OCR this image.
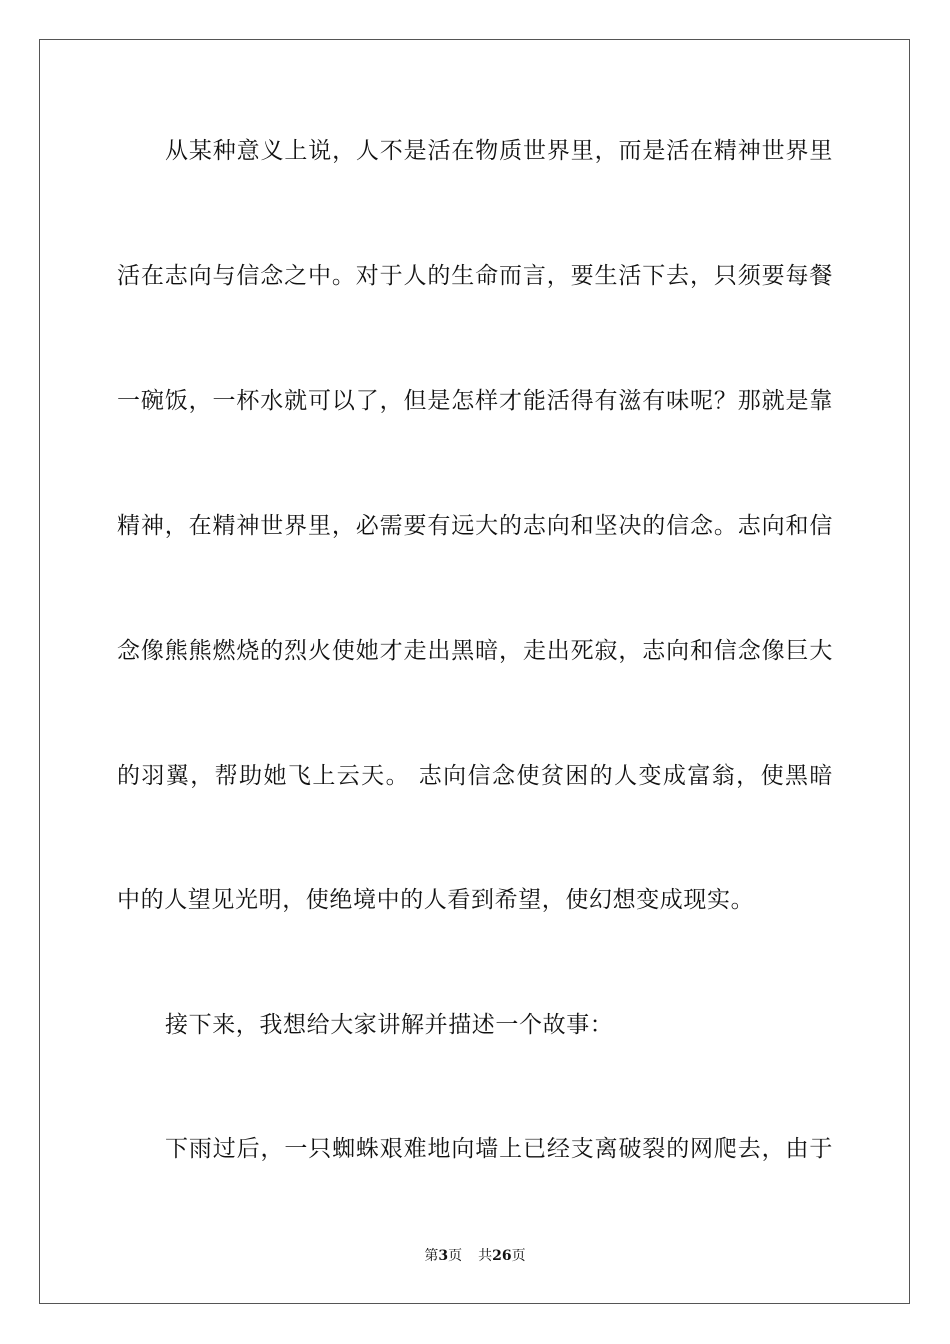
从某种意义上说，人不是活在物质世界里，而是活在精神世界里
活在志向与信念之中。对于人的生命而言，要生活下去，只须要每餐
一碗饭，一杯水就可以了，但是怎样才能活得有滋有味呢？那就是靠
精神，在精神世界里，必需要有远大的志向和坚决的信念。志向和信
念像熊熊燃烧的烈火使她才走出黑暗，走出死寂，志向和信念像巨大
的羽翼，帮助她飞上云天。 志向信念使贫困的人变成富翁，使黑暗
中的人望见光明，使绝境中的人看到希望，使幻想变成现实。
接下来，我想给大家讲解并描述一个故事：
下雨过后，一只蜘蛛艰难地向墙上已经支离破裂的网爬去，由于
第3页 共26页
